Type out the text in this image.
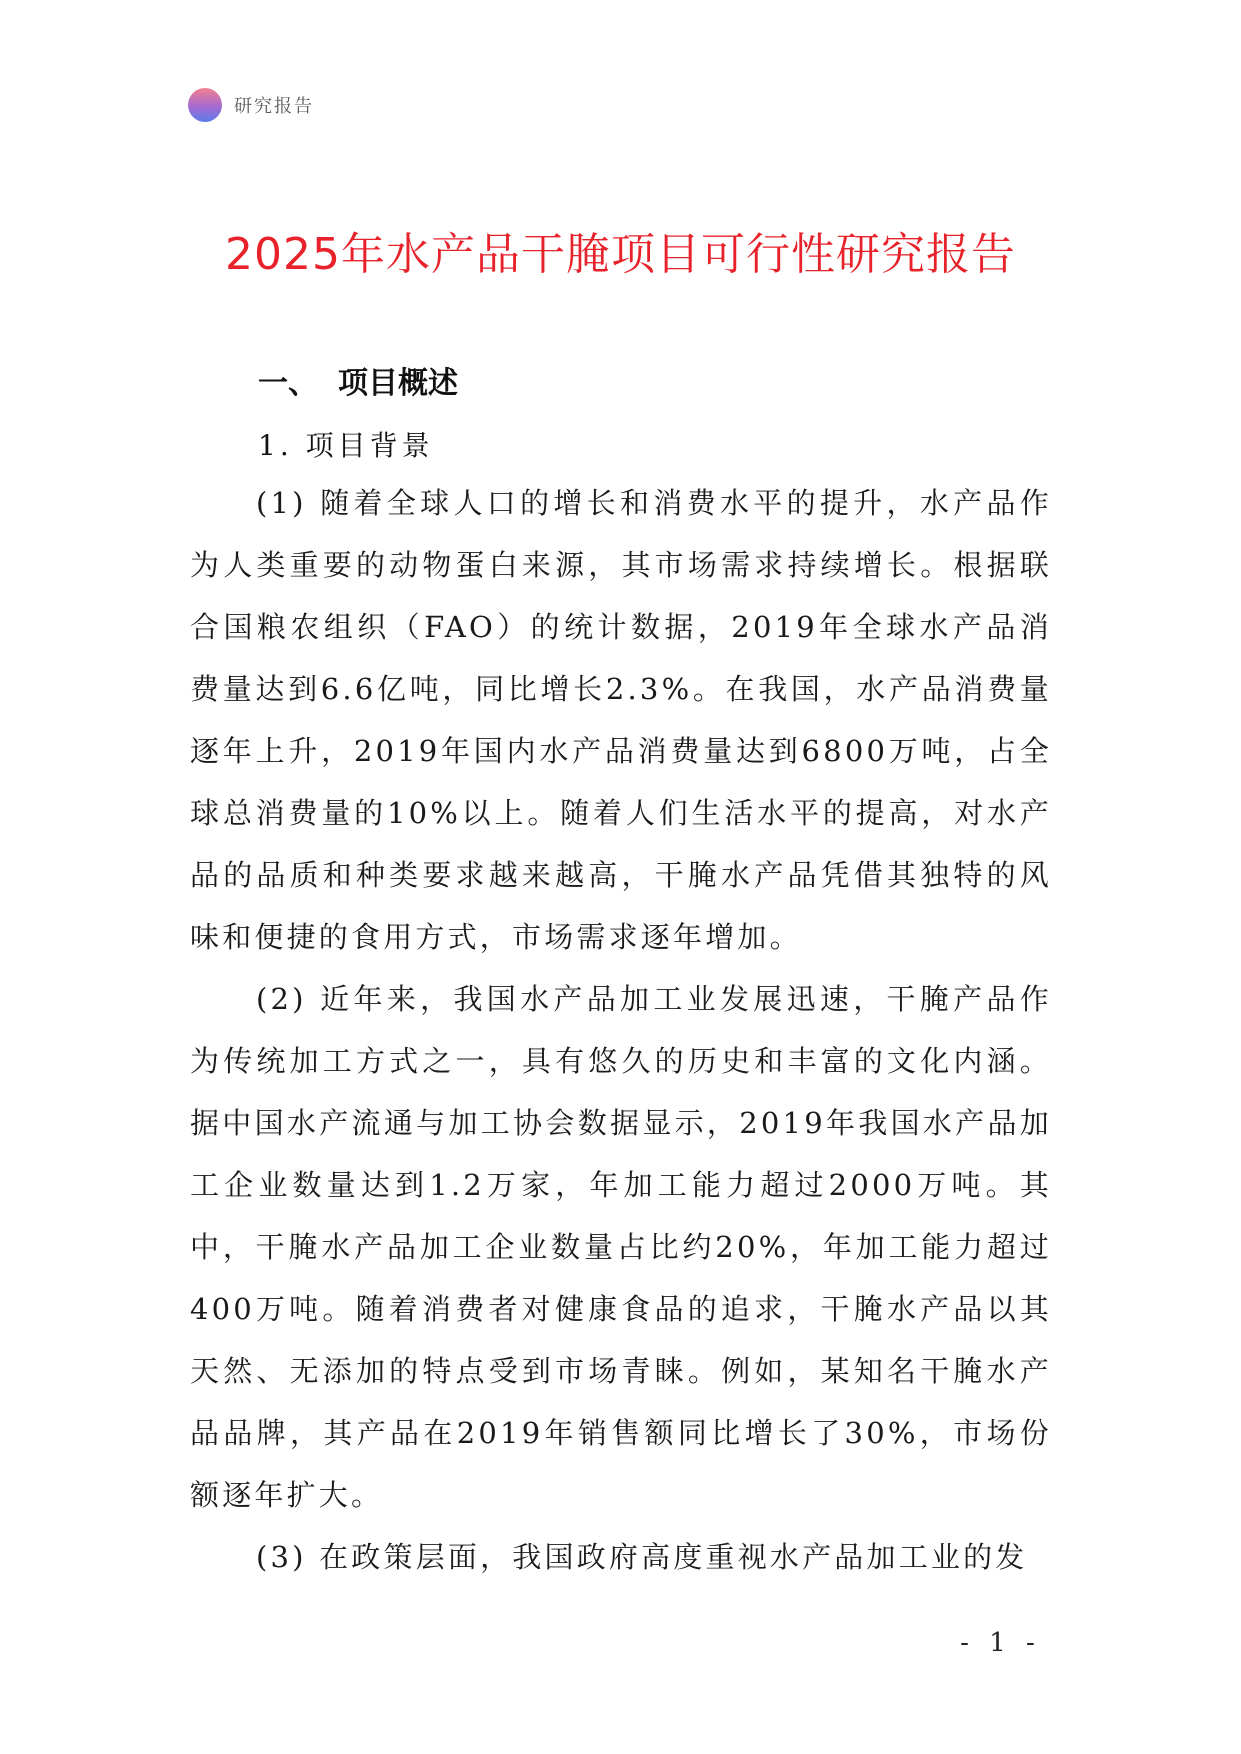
研究报告
2025年水产品干腌项目可行性研究报告
一、 项目概述
1. 项目背景

(1) 随着全球人口的增长和消费水平的提升，水产品作为人类重要的动物蛋白来源，其市场需求持续增长。根据联合国粮农组织（FAO）的统计数据，2019年全球水产品消费量达到6.6亿吨，同比增长2.3%。在我国，水产品消费量逐年上升，2019年国内水产品消费量达到6800万吨，占全球总消费量的10%以上。随着人们生活水平的提高，对水产品的品质和种类要求越来越高，干腌水产品凭借其独特的风味和便捷的食用方式，市场需求逐年增加。

(2) 近年来，我国水产品加工业发展迅速，干腌产品作为传统加工方式之一，具有悠久的历史和丰富的文化内涵。据中国水产流通与加工协会数据显示，2019年我国水产品加工企业数量达到1.2万家，年加工能力超过2000万吨。其中，干腌水产品加工企业数量占比约20%，年加工能力超过400万吨。随着消费者对健康食品的追求，干腌水产品以其天然、无添加的特点受到市场青睐。例如，某知名干腌水产品品牌，其产品在2019年销售额同比增长了30%，市场份额逐年扩大。

(3) 在政策层面，我国政府高度重视水产品加工业的发

- 1 -
